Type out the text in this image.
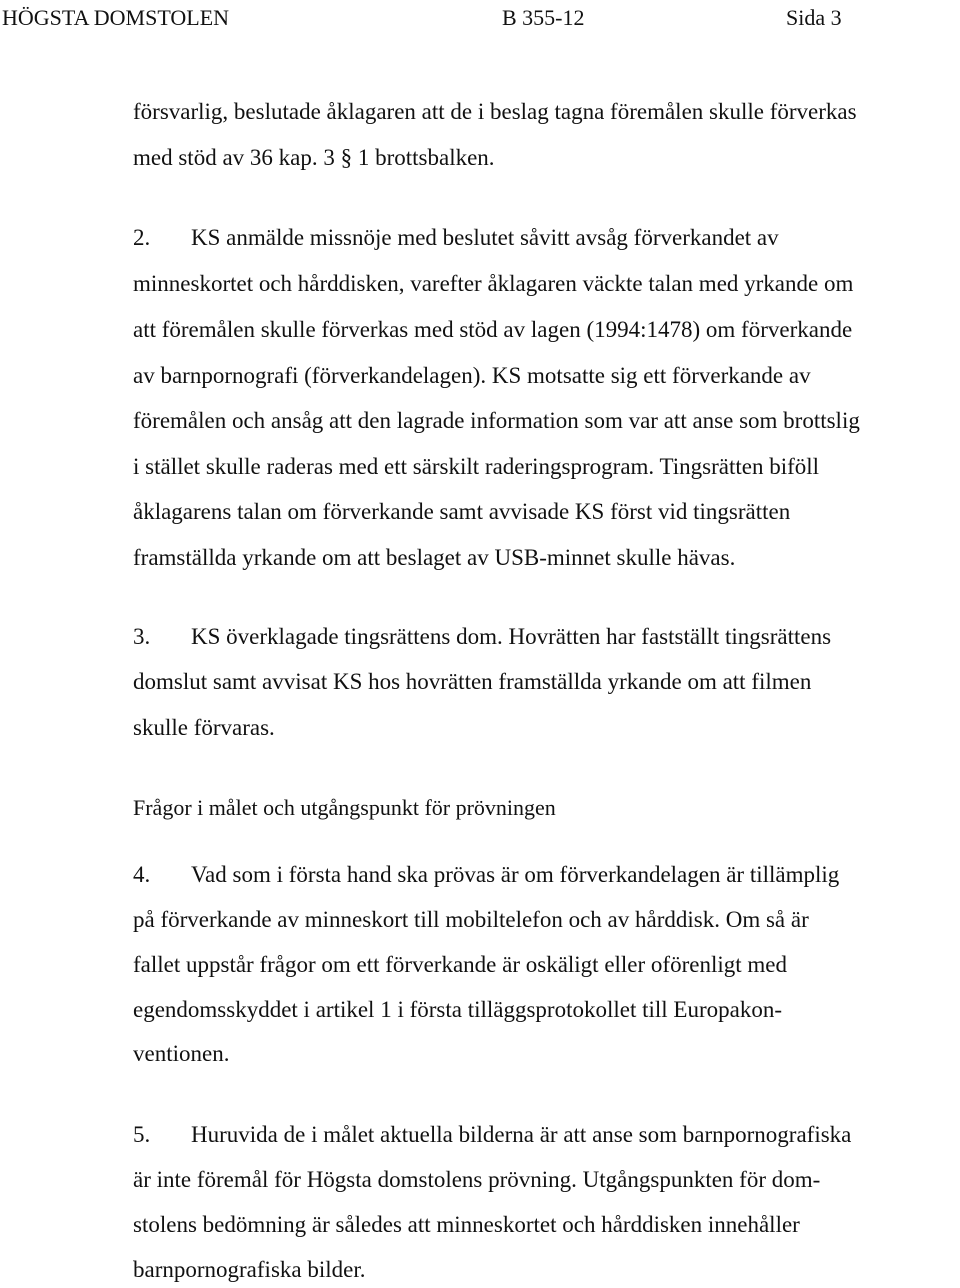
HÖGSTA DOMSTOLEN	B 355-12	Sida 3
försvarlig, beslutade åklagaren att de i beslag tagna föremålen skulle förverkas
med stöd av 36 kap. 3 § 1 brottsbalken.
2. KS anmälde missnöje med beslutet såvitt avsåg förverkandet av
minneskortet och hårddisken, varefter åklagaren väckte talan med yrkande om
att föremålen skulle förverkas med stöd av lagen (1994:1478) om förverkande
av barnpornografi (förverkandelagen). KS motsatte sig ett förverkande av
föremålen och ansåg att den lagrade information som var att anse som brottslig
i stället skulle raderas med ett särskilt raderingsprogram. Tingsrätten biföll
åklagarens talan om förverkande samt avvisade KS först vid tingsrätten
framställda yrkande om att beslaget av USB-minnet skulle hävas.
3. KS överklagade tingsrättens dom. Hovrätten har fastställt tingsrättens
domslut samt avvisat KS hos hovrätten framställda yrkande om att filmen
skulle förvaras.
Frågor i målet och utgångspunkt för prövningen
4. Vad som i första hand ska prövas är om förverkandelagen är tillämplig
på förverkande av minneskort till mobiltelefon och av hårddisk. Om så är
fallet uppstår frågor om ett förverkande är oskäligt eller oförenligt med
egendomsskyddet i artikel 1 i första tilläggsprotokollet till Europakon-
ventionen.
5. Huruvida de i målet aktuella bilderna är att anse som barnpornografiska
är inte föremål för Högsta domstolens prövning. Utgångspunkten för dom-
stolens bedömning är således att minneskortet och hårddisken innehåller
barnpornografiska bilder.
